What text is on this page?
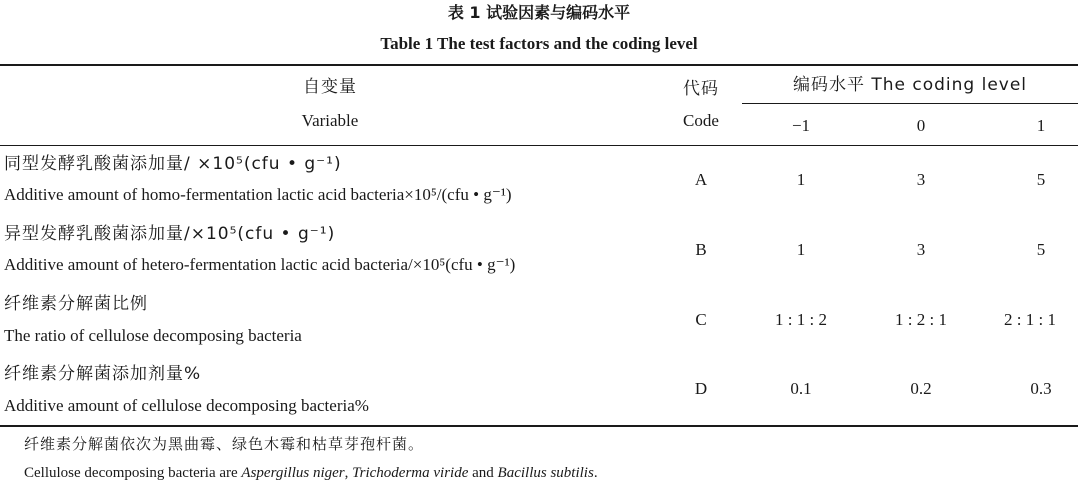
表 1 试验因素与编码水平
Table 1 The test factors and the coding level
自变量
Variable
代码
Code
编码水平 The coding level
−1	0	1
同型发酵乳酸菌添加量/ ×10⁵(cfu • g⁻¹)
Additive amount of homo-fermentation lactic acid bacteria×10⁵/(cfu • g⁻¹)
A	1	3	5
异型发酵乳酸菌添加量/×10⁵(cfu • g⁻¹)
Additive amount of hetero-fermentation lactic acid bacteria/×10⁵(cfu • g⁻¹)
B	1	3	5
纤维素分解菌比例
The ratio of cellulose decomposing bacteria
C	1 : 1 : 2	1 : 2 : 1	2 : 1 : 1
纤维素分解菌添加剂量%
Additive amount of cellulose decomposing bacteria%
D	0.1	0.2	0.3
纤维素分解菌依次为黑曲霉、绿色木霉和枯草芽孢杆菌。
Cellulose decomposing bacteria are Aspergillus niger, Trichoderma viride and Bacillus subtilis.
